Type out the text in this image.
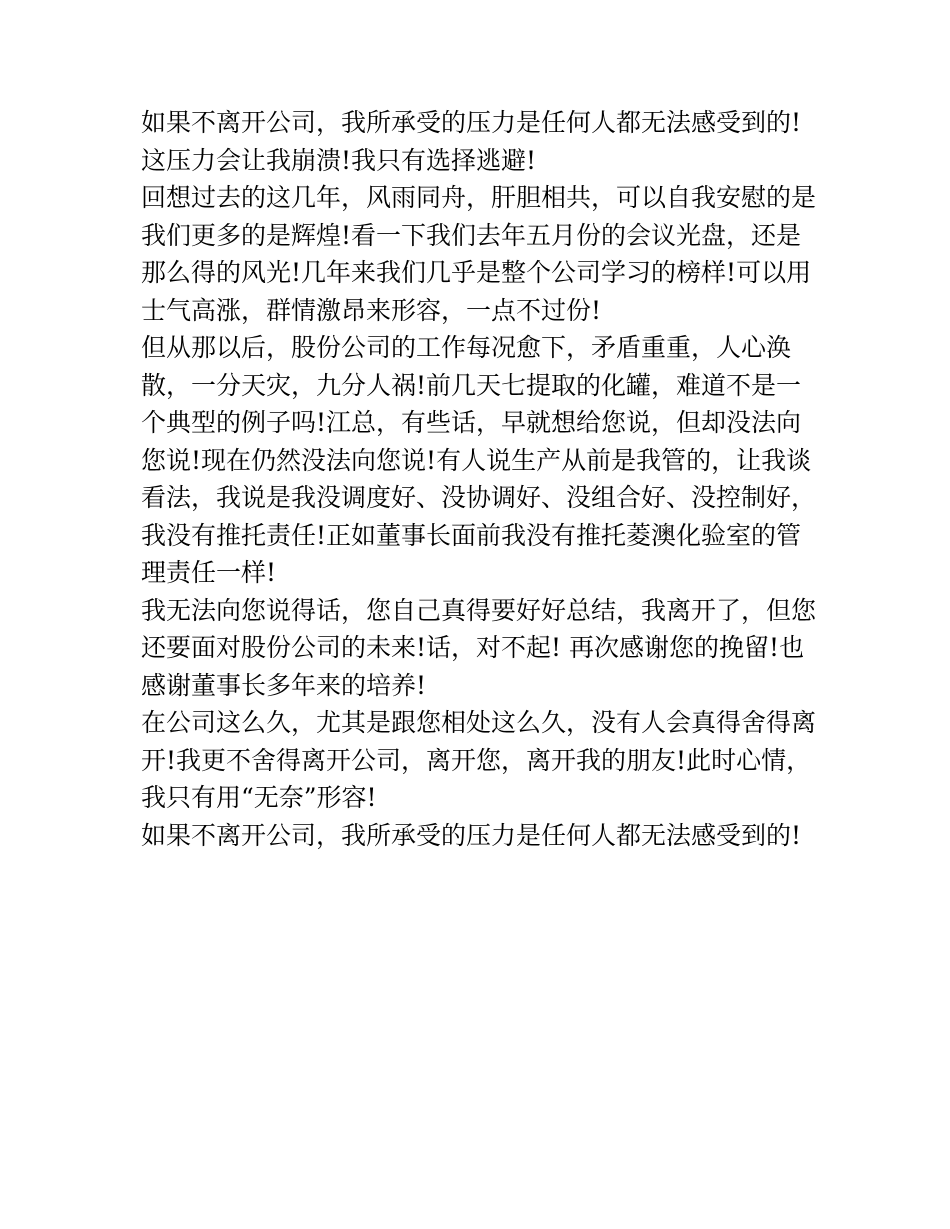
如果不离开公司，我所承受的压力是任何人都无法感受到的!
这压力会让我崩溃!我只有选择逃避!
回想过去的这几年，风雨同舟，肝胆相共，可以自我安慰的是
我们更多的是辉煌!看一下我们去年五月份的会议光盘，还是
那么得的风光!几年来我们几乎是整个公司学习的榜样!可以用
士气高涨，群情激昂来形容，一点不过份!
但从那以后，股份公司的工作每况愈下，矛盾重重，人心涣
散，一分天灾，九分人祸!前几天七提取的化罐，难道不是一
个典型的例子吗!江总，有些话，早就想给您说，但却没法向
您说!现在仍然没法向您说!有人说生产从前是我管的，让我谈
看法，我说是我没调度好、没协调好、没组合好、没控制好，
我没有推托责任!正如董事长面前我没有推托菱澳化验室的管
理责任一样!
我无法向您说得话，您自己真得要好好总结，我离开了，但您
还要面对股份公司的未来!话，对不起! 再次感谢您的挽留!也
感谢董事长多年来的培养!
在公司这么久，尤其是跟您相处这么久，没有人会真得舍得离
开!我更不舍得离开公司，离开您，离开我的朋友!此时心情，
我只有用“无奈”形容!
如果不离开公司，我所承受的压力是任何人都无法感受到的!
